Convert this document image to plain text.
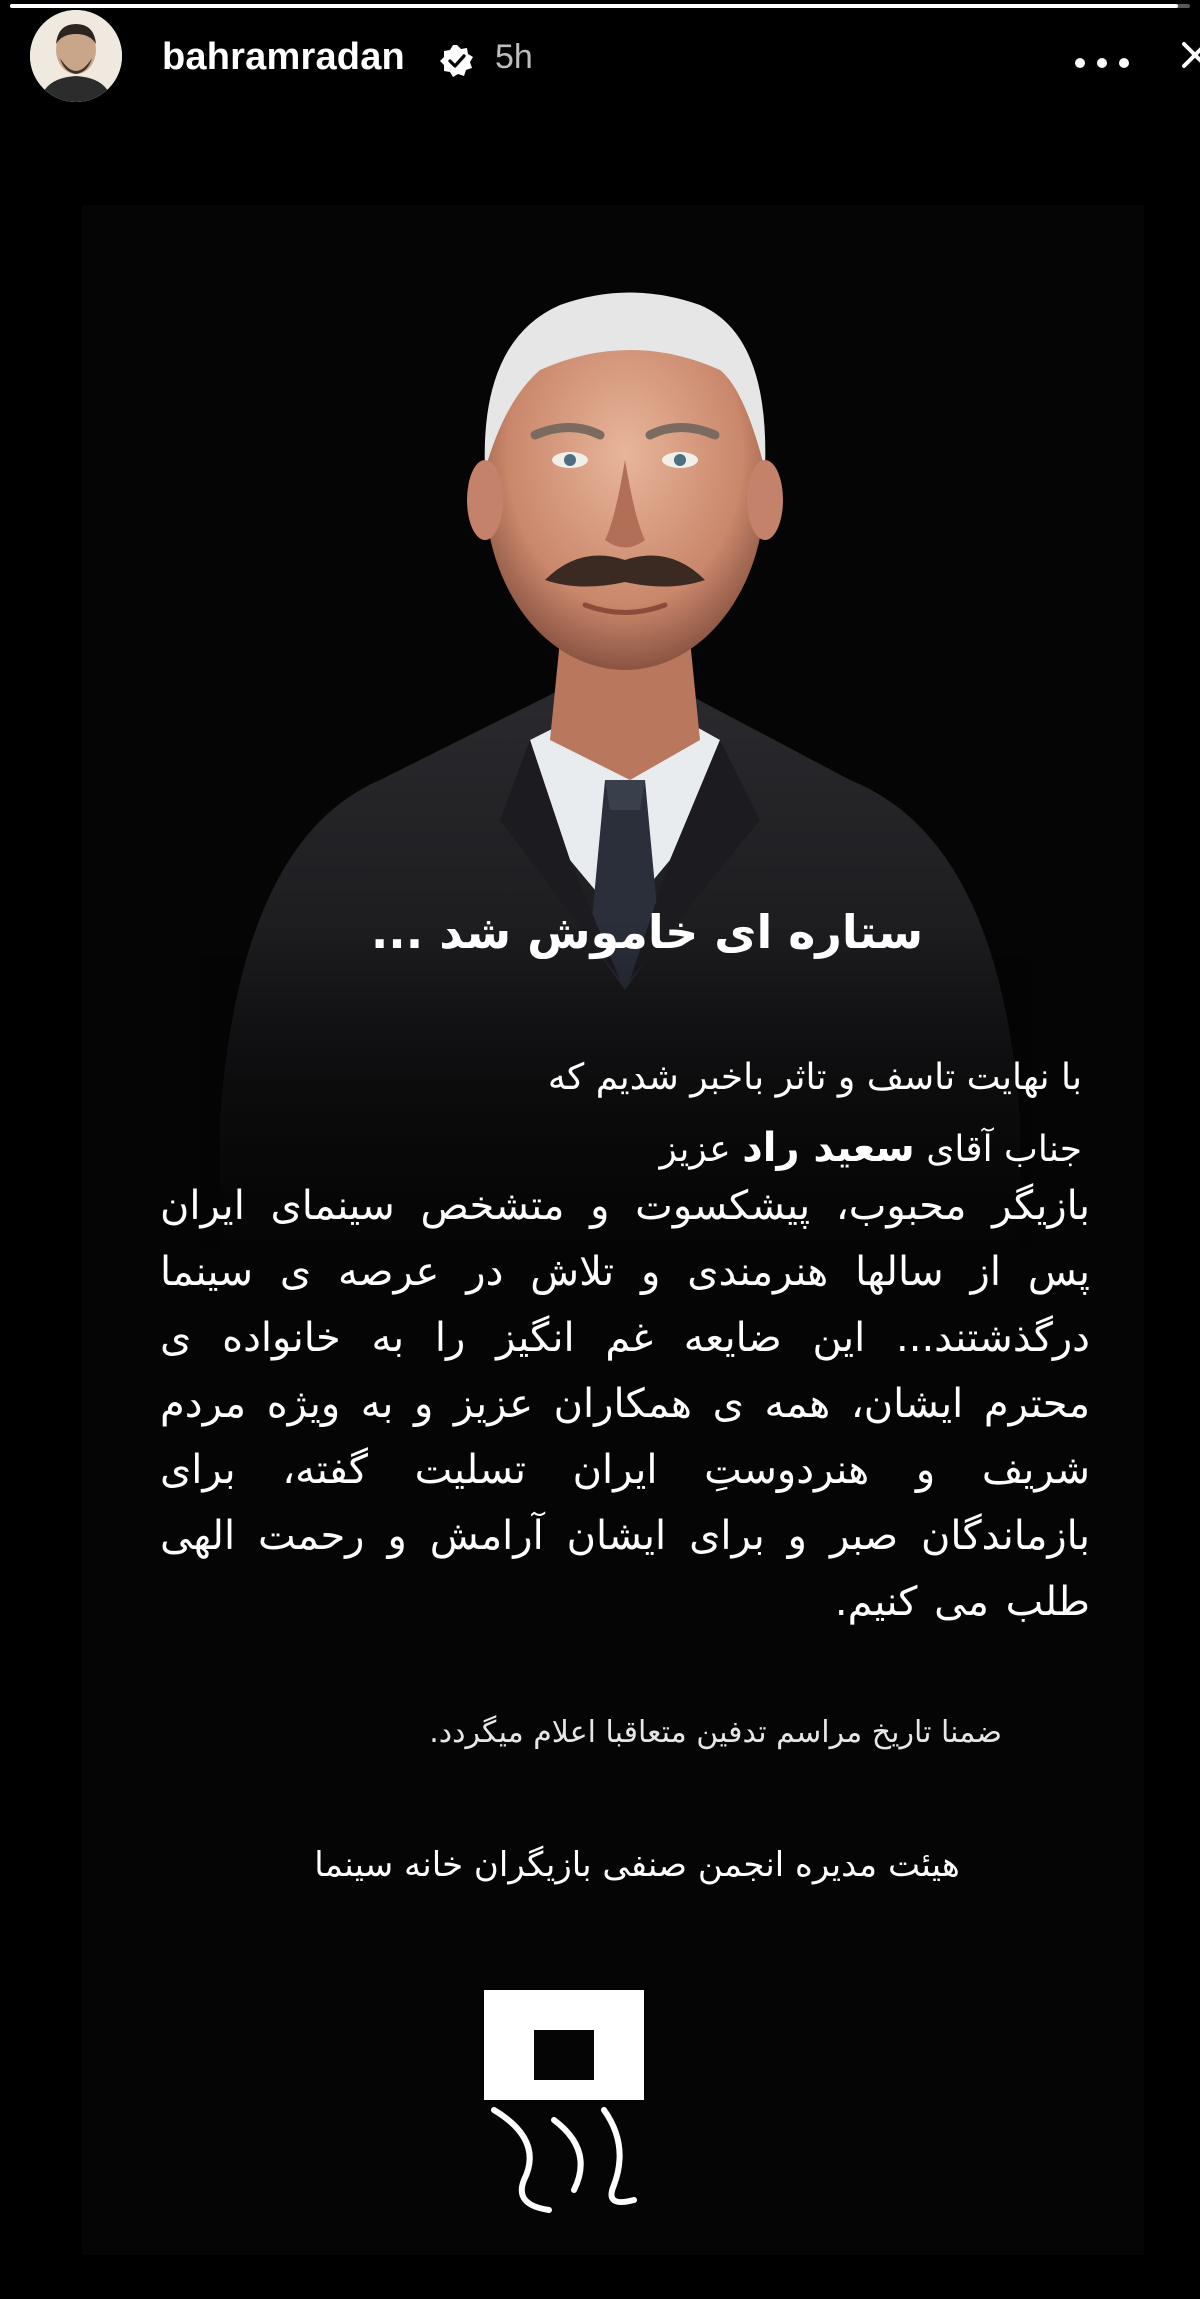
bahramradan	5h
ستاره ای خاموش شد ...
با نهایت تاسف و تاثر باخبر شدیم که
جناب آقای سعید راد عزیز
بازیگر محبوب، پیشکسوت و متشخص سینمای ایران پس از سالها هنرمندی و تلاش در عرصه ی سینما درگذشتند... این ضایعه غم انگیز را به خانواده ی محترم ایشان، همه ی همکاران عزیز و به ویژه مردم شریف و هنردوستِ ایران تسلیت گفته، برای بازماندگان صبر و برای ایشان آرامش و رحمت الهی طلب می کنیم.
ضمنا تاریخ مراسم تدفین متعاقبا اعلام میگردد.
هیئت مدیره انجمن صنفی بازیگران خانه سینما
